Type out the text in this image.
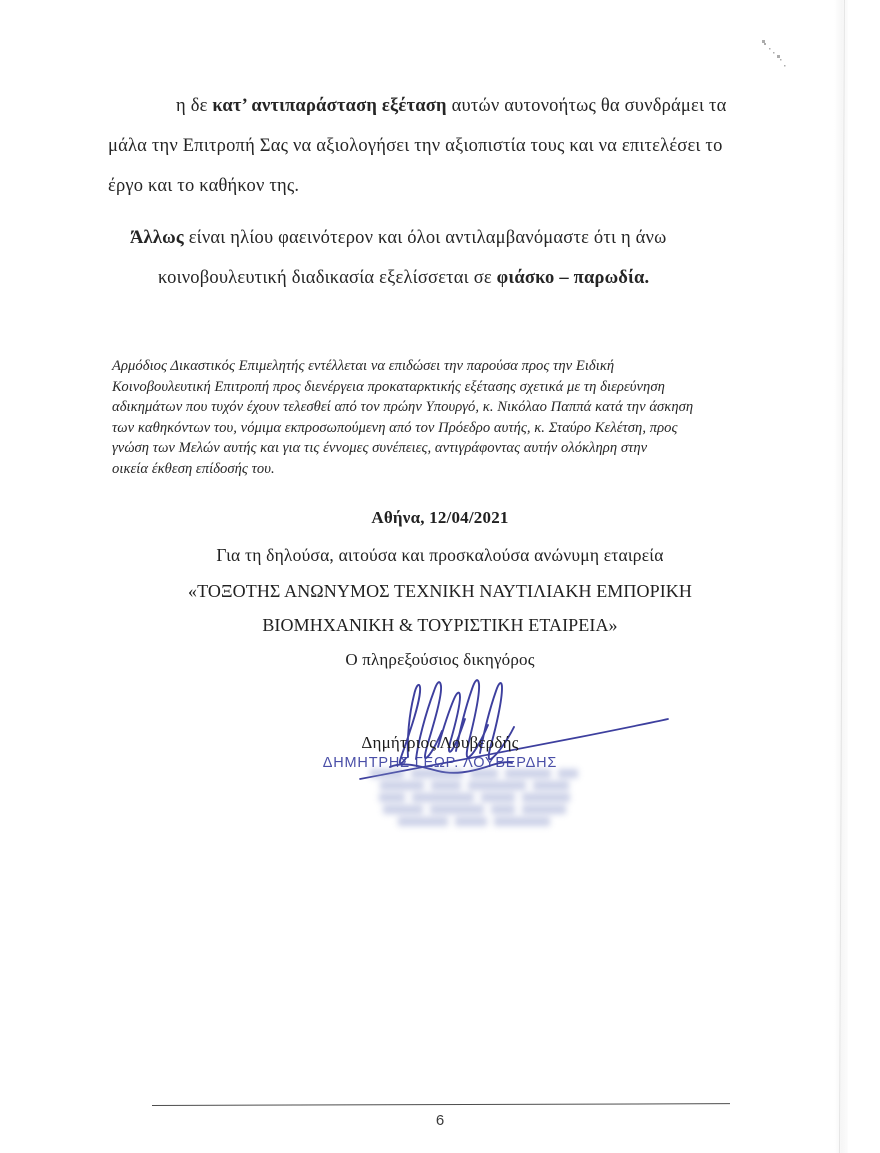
η δε κατ’ αντιπαράσταση εξέταση αυτών αυτονοήτως θα συνδράμει τα
μάλα την Επιτροπή Σας να αξιολογήσει την αξιοπιστία τους και να επιτελέσει το
έργο και το καθήκον της.
Άλλως είναι ηλίου φαεινότερον και όλοι αντιλαμβανόμαστε ότι η άνω
κοινοβουλευτική διαδικασία εξελίσσεται σε φιάσκο – παρωδία.
Αρμόδιος Δικαστικός Επιμελητής εντέλλεται να επιδώσει την παρούσα προς την Ειδική
Κοινοβουλευτική Επιτροπή προς διενέργεια προκαταρκτικής εξέτασης σχετικά με τη διερεύνηση
αδικημάτων που τυχόν έχουν τελεσθεί από τον πρώην Υπουργό, κ. Νικόλαο Παππά κατά την άσκηση
των καθηκόντων του, νόμιμα εκπροσωπούμενη από τον Πρόεδρο αυτής, κ. Σταύρο Κελέτση, προς
γνώση των Μελών αυτής και για τις έννομες συνέπειες, αντιγράφοντας αυτήν ολόκληρη στην
οικεία έκθεση επίδοσής του.
Αθήνα, 12/04/2021
Για τη δηλούσα, αιτούσα και προσκαλούσα ανώνυμη εταιρεία
«ΤΟΞΟΤΗΣ ΑΝΩΝΥΜΟΣ ΤΕΧΝΙΚΗ ΝΑΥΤΙΛΙΑΚΗ ΕΜΠΟΡΙΚΗ
ΒΙΟΜΗΧΑΝΙΚΗ & ΤΟΥΡΙΣΤΙΚΗ ΕΤΑΙΡΕΙΑ»
Ο πληρεξούσιος δικηγόρος
Δημήτριος Λουβερδής
ΔΗΜΗΤΡΗΣ ΓΕΩΡ. ΛΟΥΒΕΡΔΗΣ
6
